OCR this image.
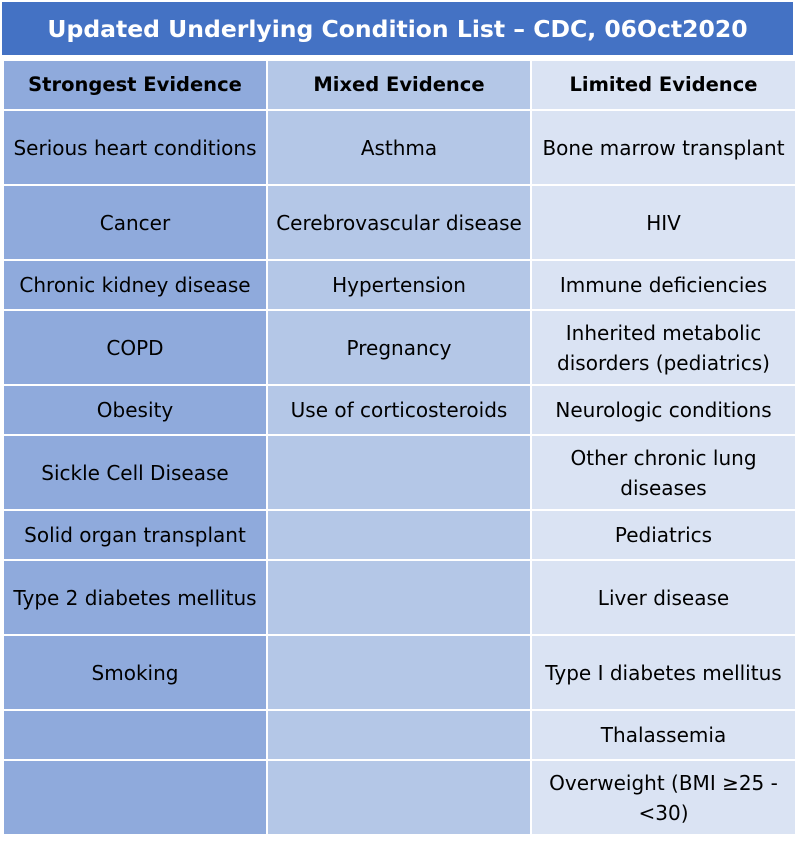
Updated Underlying Condition List – CDC, 06Oct2020
Strongest Evidence	Mixed Evidence	Limited Evidence
Serious heart conditions	Asthma	Bone marrow transplant
Cancer	Cerebrovascular disease	HIV
Chronic kidney disease	Hypertension	Immune deficiencies
COPD	Pregnancy	Inherited metabolic disorders (pediatrics)
Obesity	Use of corticosteroids	Neurologic conditions
Sickle Cell Disease		Other chronic lung diseases
Solid organ transplant		Pediatrics
Type 2 diabetes mellitus		Liver disease
Smoking		Type I diabetes mellitus
		Thalassemia
		Overweight (BMI ≥25 - <30)
